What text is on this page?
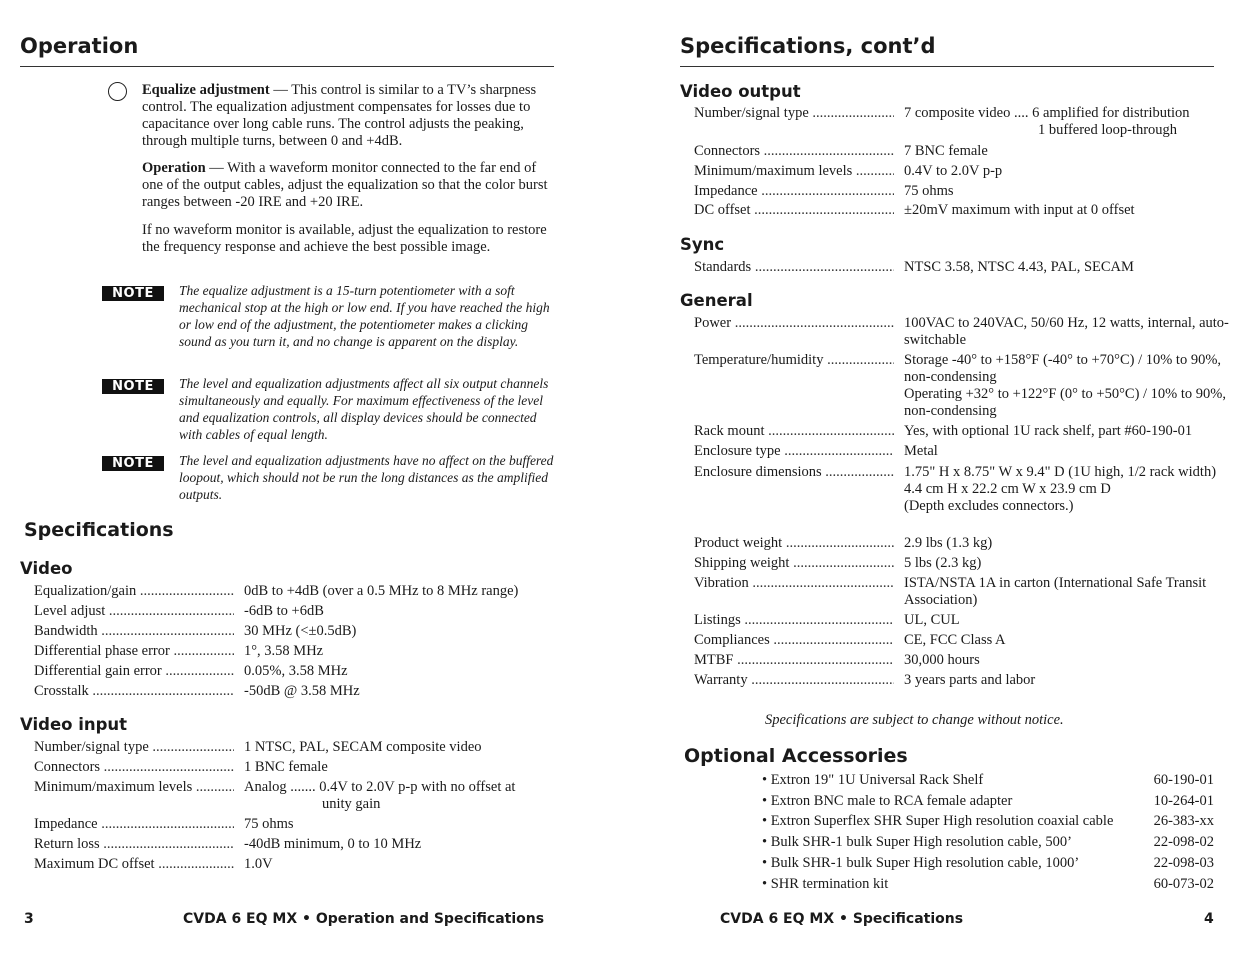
Operation
Equalize adjustment — This control is similar to a TV’s sharpness control. The equalization adjustment compensates for losses due to capacitance over long cable runs. The control adjusts the peaking, through multiple turns, between 0 and +4dB.
Operation — With a waveform monitor connected to the far end of one of the output cables, adjust the equalization so that the color burst ranges between -20 IRE and +20 IRE.
If no waveform monitor is available, adjust the equalization to restore the frequency response and achieve the best possible image.
NOTE	The equalize adjustment is a 15-turn potentiometer with a soft mechanical stop at the high or low end. If you have reached the high or low end of the adjustment, the potentiometer makes a clicking sound as you turn it, and no change is apparent on the display.
NOTE	The level and equalization adjustments affect all six output channels simultaneously and equally. For maximum effectiveness of the level and equalization controls, all display devices should be connected with cables of equal length.
NOTE	The level and equalization adjustments have no affect on the buffered loopout, which should not be run the long distances as the amplified outputs.
Specifications
Video
Equalization/gain .....	0dB to +4dB (over a 0.5 MHz to 8 MHz range)
Level adjust .....	-6dB to +6dB
Bandwidth .....	30 MHz (<±0.5dB)
Differential phase error .....	1°, 3.58 MHz
Differential gain error .....	0.05%, 3.58 MHz
Crosstalk .....	-50dB @ 3.58 MHz
Video input
Number/signal type .....	1 NTSC, PAL, SECAM composite video
Connectors .....	1 BNC female
Minimum/maximum levels .....	Analog ....... 0.4V to 2.0V p-p with no offset at
unity gain
Impedance .....	75 ohms
Return loss .....	-40dB minimum, 0 to 10 MHz
Maximum DC offset .....	1.0V
3	CVDA 6 EQ MX • Operation and Specifications
Specifications, cont’d
Video output
Number/signal type .....	7 composite video .... 6 amplified for distribution
1 buffered loop-through
Connectors .....	7 BNC female
Minimum/maximum levels .....	0.4V to 2.0V p-p
Impedance .....	75 ohms
DC offset .....	±20mV maximum with input at 0 offset
Sync
Standards .....	NTSC 3.58, NTSC 4.43, PAL, SECAM
General
Power .....	100VAC to 240VAC, 50/60 Hz, 12 watts, internal, auto-switchable
Temperature/humidity .....	Storage -40° to +158°F (-40° to +70°C) / 10% to 90%, non-condensing
Operating +32° to +122°F (0° to +50°C) / 10% to 90%, non-condensing
Rack mount .....	Yes, with optional 1U rack shelf, part #60-190-01
Enclosure type .....	Metal
Enclosure dimensions .....	1.75" H x 8.75" W x 9.4" D (1U high, 1/2 rack width)
4.4 cm H x 22.2 cm W x 23.9 cm D
(Depth excludes connectors.)
Product weight .....	2.9 lbs (1.3 kg)
Shipping weight .....	5 lbs (2.3 kg)
Vibration .....	ISTA/NSTA 1A in carton (International Safe Transit Association)
Listings .....	UL, CUL
Compliances .....	CE, FCC Class A
MTBF .....	30,000 hours
Warranty .....	3 years parts and labor
Specifications are subject to change without notice.
Optional Accessories
• Extron 19" 1U Universal Rack Shelf	60-190-01
• Extron BNC male to RCA female adapter	10-264-01
• Extron Superflex SHR Super High resolution coaxial cable	26-383-xx
• Bulk SHR-1 bulk Super High resolution cable, 500’	22-098-02
• Bulk SHR-1 bulk Super High resolution cable, 1000’	22-098-03
• SHR termination kit	60-073-02
CVDA 6 EQ MX • Specifications	4
